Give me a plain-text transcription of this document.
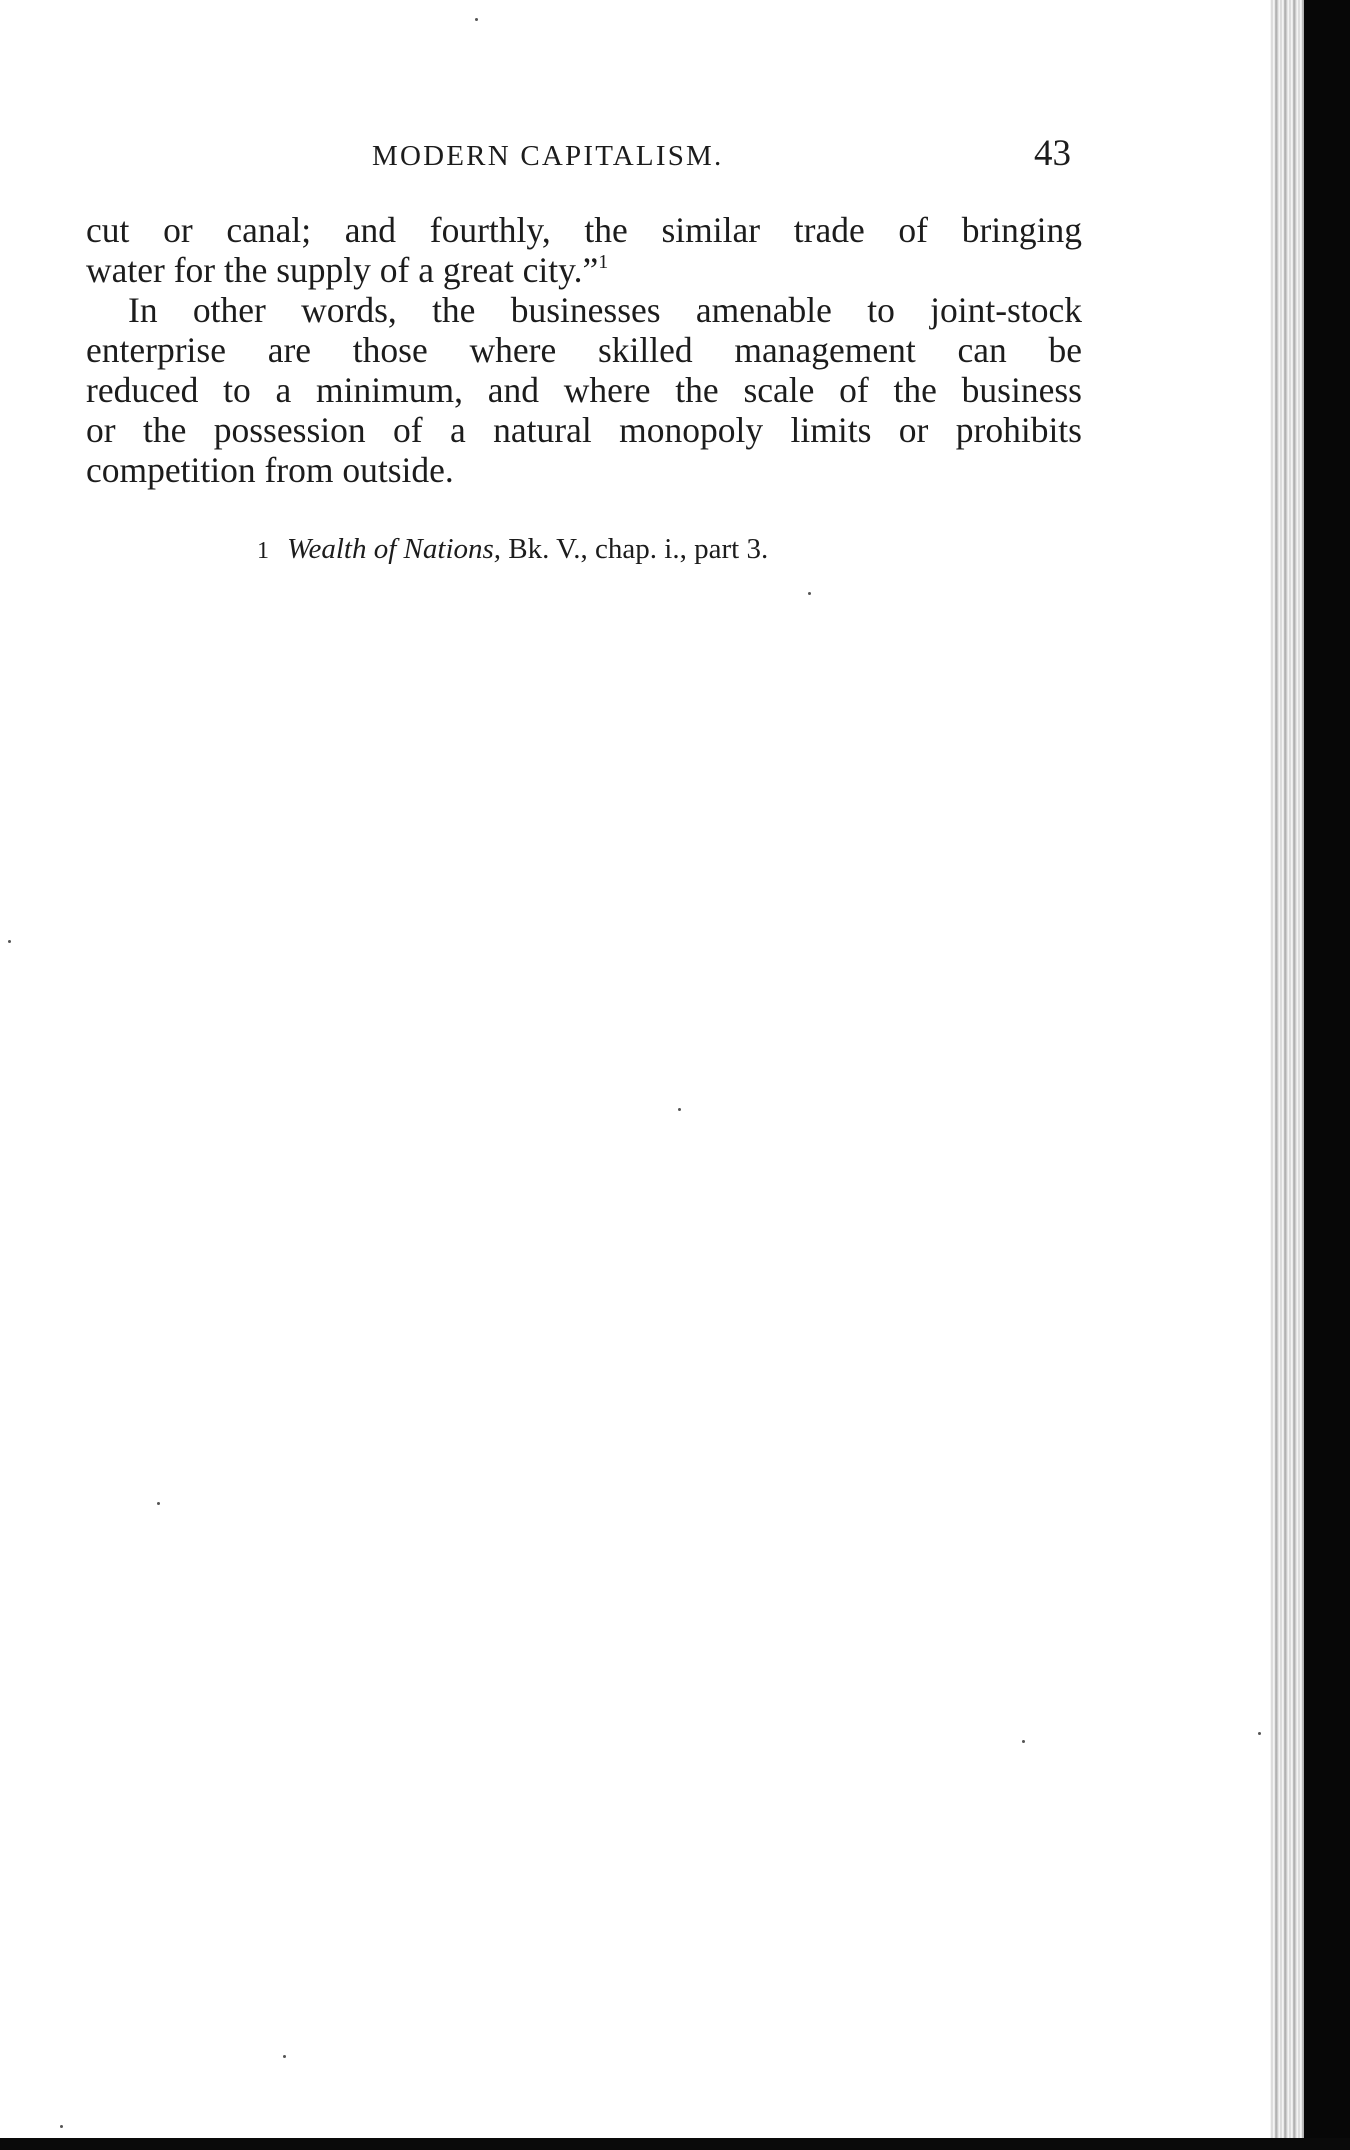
MODERN CAPITALISM.	43
cut or canal; and fourthly, the similar trade of bringing
water for the supply of a great city.”$^1$
In other words, the businesses amenable to joint-stock
enterprise are those where skilled management can be
reduced to a minimum, and where the scale of the business
or the possession of a natural monopoly limits or prohibits
competition from outside.
1 Wealth of Nations, Bk. V., chap. i., part 3.
